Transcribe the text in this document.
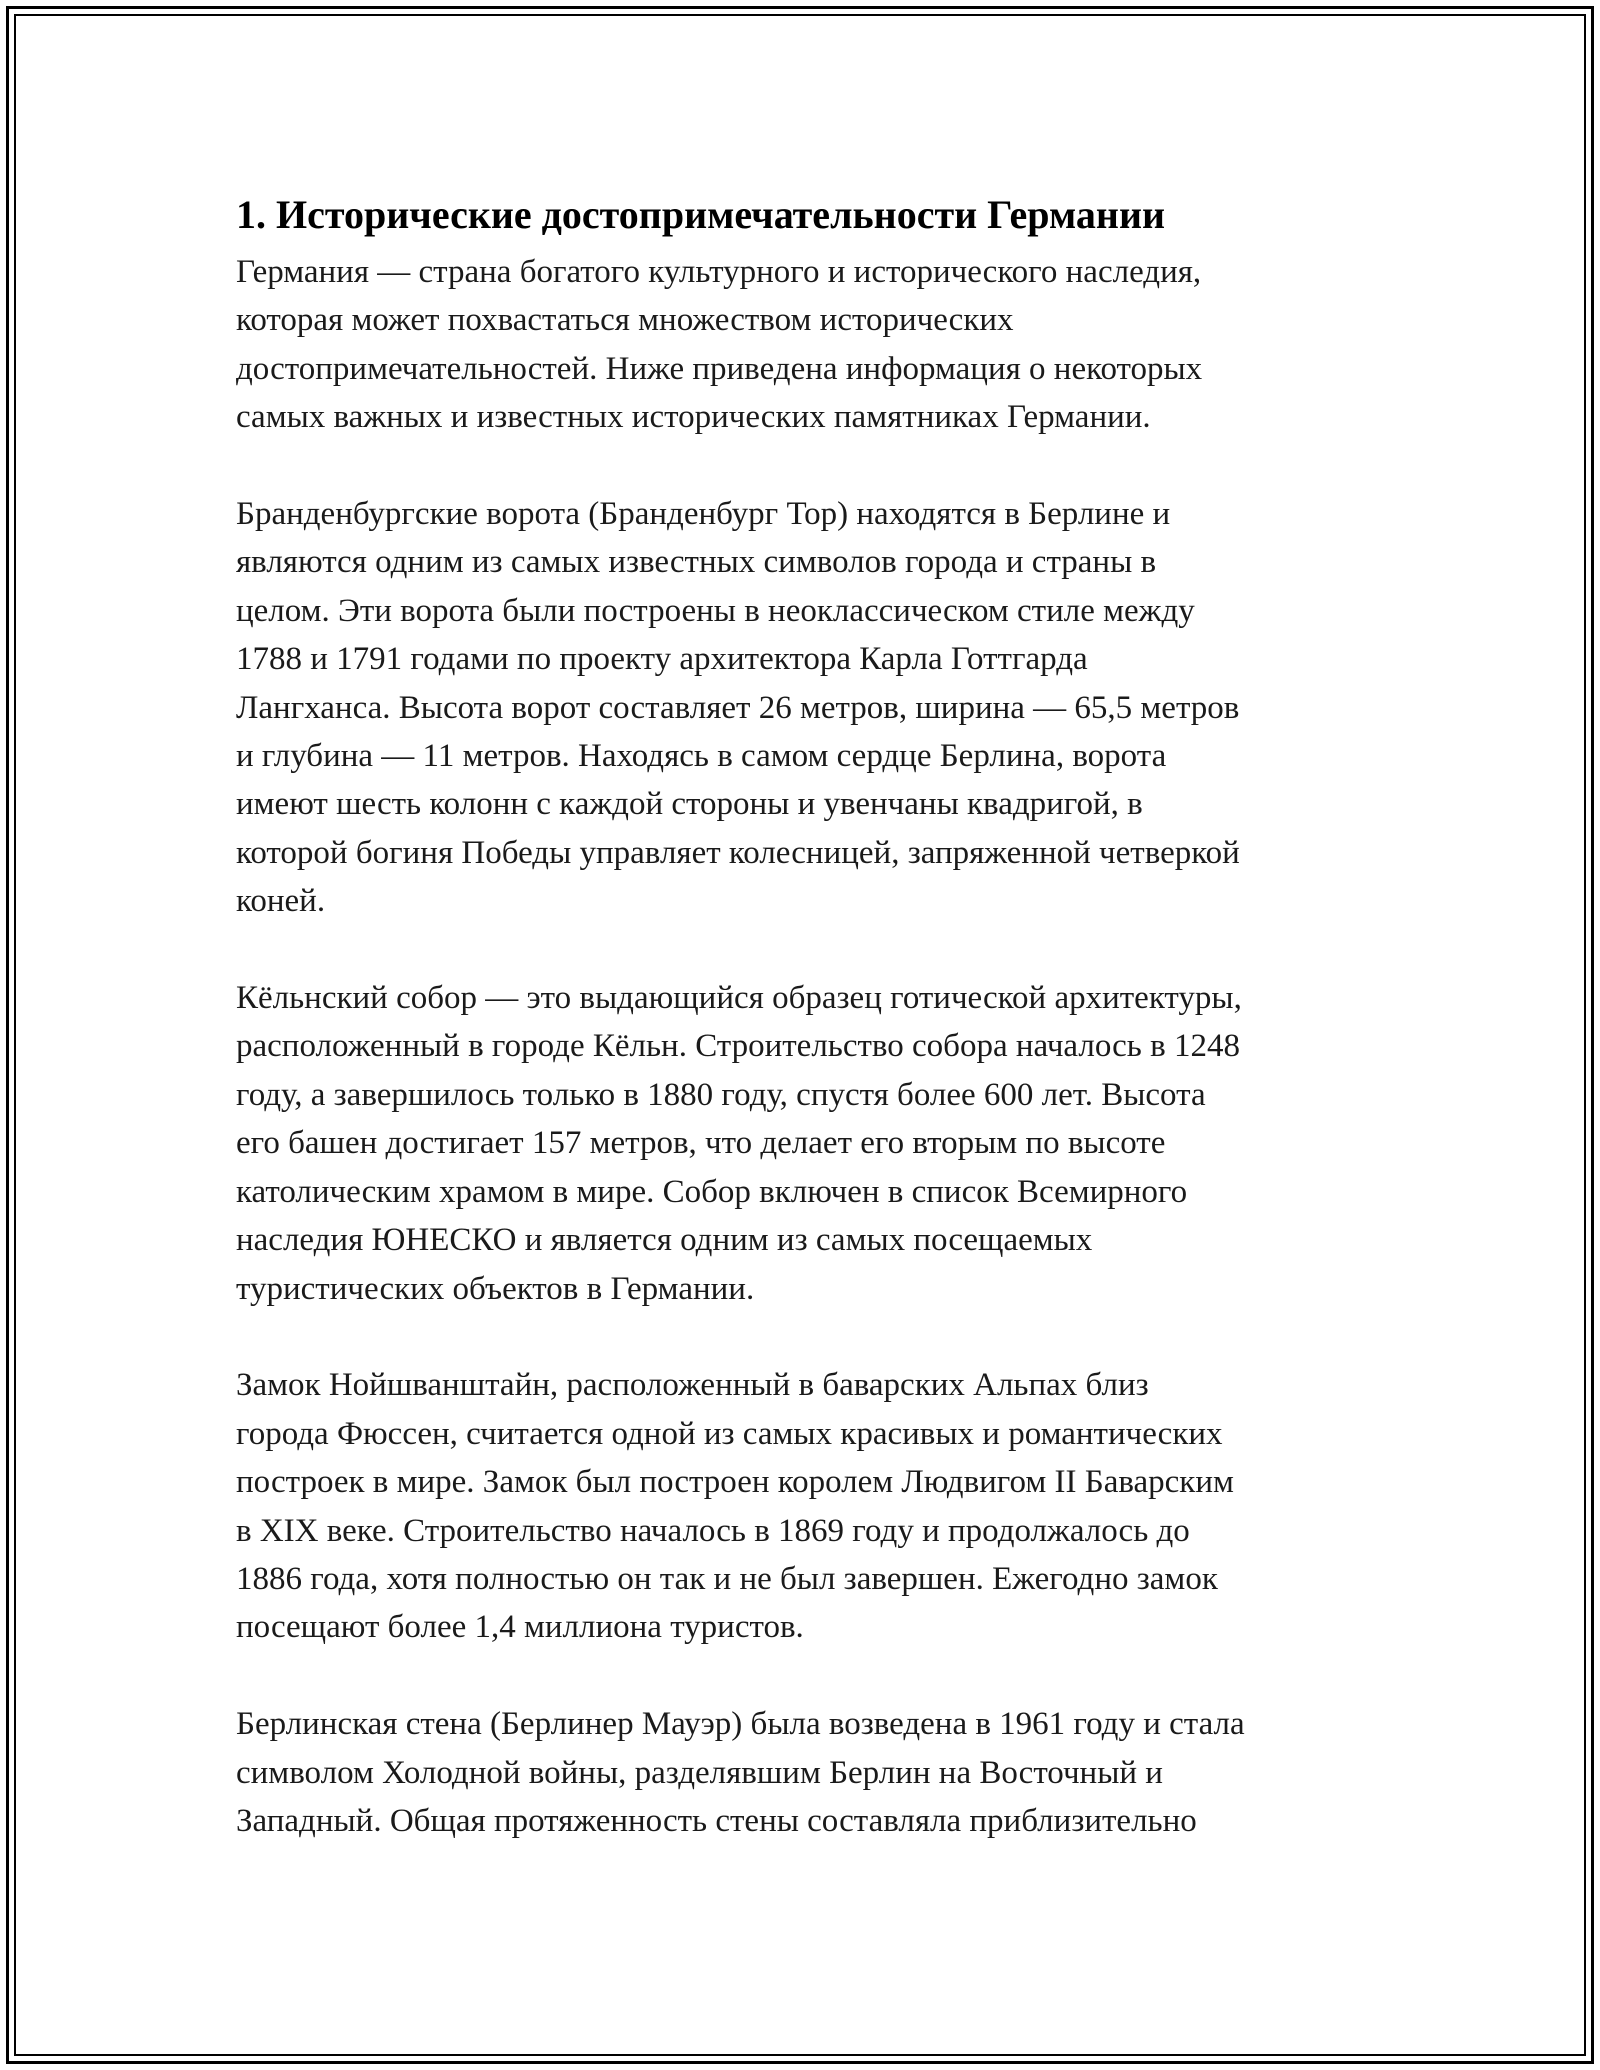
1. Исторические достопримечательности Германии

Германия — страна богатого культурного и исторического наследия,
которая может похвастаться множеством исторических
достопримечательностей. Ниже приведена информация о некоторых
самых важных и известных исторических памятниках Германии.

Бранденбургские ворота (Бранденбург Тор) находятся в Берлине и
являются одним из самых известных символов города и страны в
целом. Эти ворота были построены в неоклассическом стиле между
1788 и 1791 годами по проекту архитектора Карла Готтгарда
Лангханса. Высота ворот составляет 26 метров, ширина — 65,5 метров
и глубина — 11 метров. Находясь в самом сердце Берлина, ворота
имеют шесть колонн с каждой стороны и увенчаны квадригой, в
которой богиня Победы управляет колесницей, запряженной четверкой
коней.

Кёльнский собор — это выдающийся образец готической архитектуры,
расположенный в городе Кёльн. Строительство собора началось в 1248
году, а завершилось только в 1880 году, спустя более 600 лет. Высота
его башен достигает 157 метров, что делает его вторым по высоте
католическим храмом в мире. Собор включен в список Всемирного
наследия ЮНЕСКО и является одним из самых посещаемых
туристических объектов в Германии.

Замок Нойшванштайн, расположенный в баварских Альпах близ
города Фюссен, считается одной из самых красивых и романтических
построек в мире. Замок был построен королем Людвигом II Баварским
в XIX веке. Строительство началось в 1869 году и продолжалось до
1886 года, хотя полностью он так и не был завершен. Ежегодно замок
посещают более 1,4 миллиона туристов.

Берлинская стена (Берлинер Мауэр) была возведена в 1961 году и стала
символом Холодной войны, разделявшим Берлин на Восточный и
Западный. Общая протяженность стены составляла приблизительно
